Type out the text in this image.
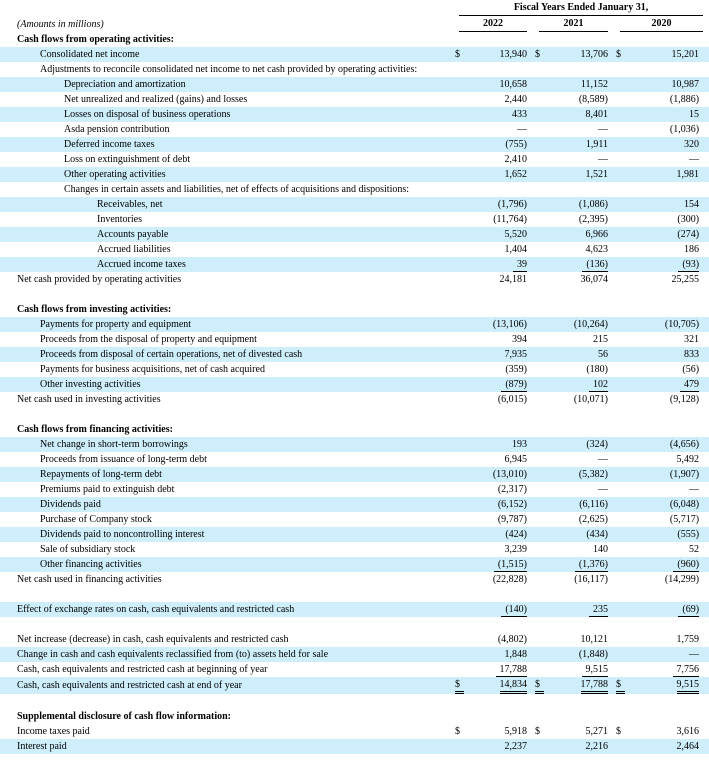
	Fiscal Years Ended January 31,					

(Amounts in millions)	2022		2021		2020	

Cash flows from operating activities:						
Consolidated net income	$	13,940	$	13,706	$	15,201
Adjustments to reconcile consolidated net income to net cash provided by operating activities:						
Depreciation and amortization		10,658		11,152		10,987
Net unrealized and realized (gains) and losses		2,440		(8,589)		(1,886)
Losses on disposal of business operations		433		8,401		15
Asda pension contribution		—		—		(1,036)
Deferred income taxes		(755)		1,911		320
Loss on extinguishment of debt		2,410		—		—
Other operating activities		1,652		1,521		1,981
Changes in certain assets and liabilities, net of effects of acquisitions and dispositions:						
Receivables, net		(1,796)		(1,086)		154
Inventories		(11,764)		(2,395)		(300)
Accounts payable		5,520		6,966		(274)
Accrued liabilities		1,404		4,623		186
Accrued income taxes		39		(136)		(93)
Net cash provided by operating activities		24,181		36,074		25,255

Cash flows from investing activities:						
Payments for property and equipment		(13,106)		(10,264)		(10,705)
Proceeds from the disposal of property and equipment		394		215		321
Proceeds from disposal of certain operations, net of divested cash		7,935		56		833
Payments for business acquisitions, net of cash acquired		(359)		(180)		(56)
Other investing activities		(879)		102		479
Net cash used in investing activities		(6,015)		(10,071)		(9,128)

Cash flows from financing activities:						
Net change in short-term borrowings		193		(324)		(4,656)
Proceeds from issuance of long-term debt		6,945		—		5,492
Repayments of long-term debt		(13,010)		(5,382)		(1,907)
Premiums paid to extinguish debt		(2,317)		—		—
Dividends paid		(6,152)		(6,116)		(6,048)
Purchase of Company stock		(9,787)		(2,625)		(5,717)
Dividends paid to noncontrolling interest		(424)		(434)		(555)
Sale of subsidiary stock		3,239		140		52
Other financing activities		(1,515)		(1,376)		(960)
Net cash used in financing activities		(22,828)		(16,117)		(14,299)

Effect of exchange rates on cash, cash equivalents and restricted cash		(140)		235		(69)

Net increase (decrease) in cash, cash equivalents and restricted cash		(4,802)		10,121		1,759
Change in cash and cash equivalents reclassified from (to) assets held for sale		1,848		(1,848)		—
Cash, cash equivalents and restricted cash at beginning of year		17,788		9,515		7,756
Cash, cash equivalents and restricted cash at end of year	$	14,834	$	17,788	$	9,515

Supplemental disclosure of cash flow information:						
Income taxes paid	$	5,918	$	5,271	$	3,616
Interest paid		2,237		2,216		2,464
